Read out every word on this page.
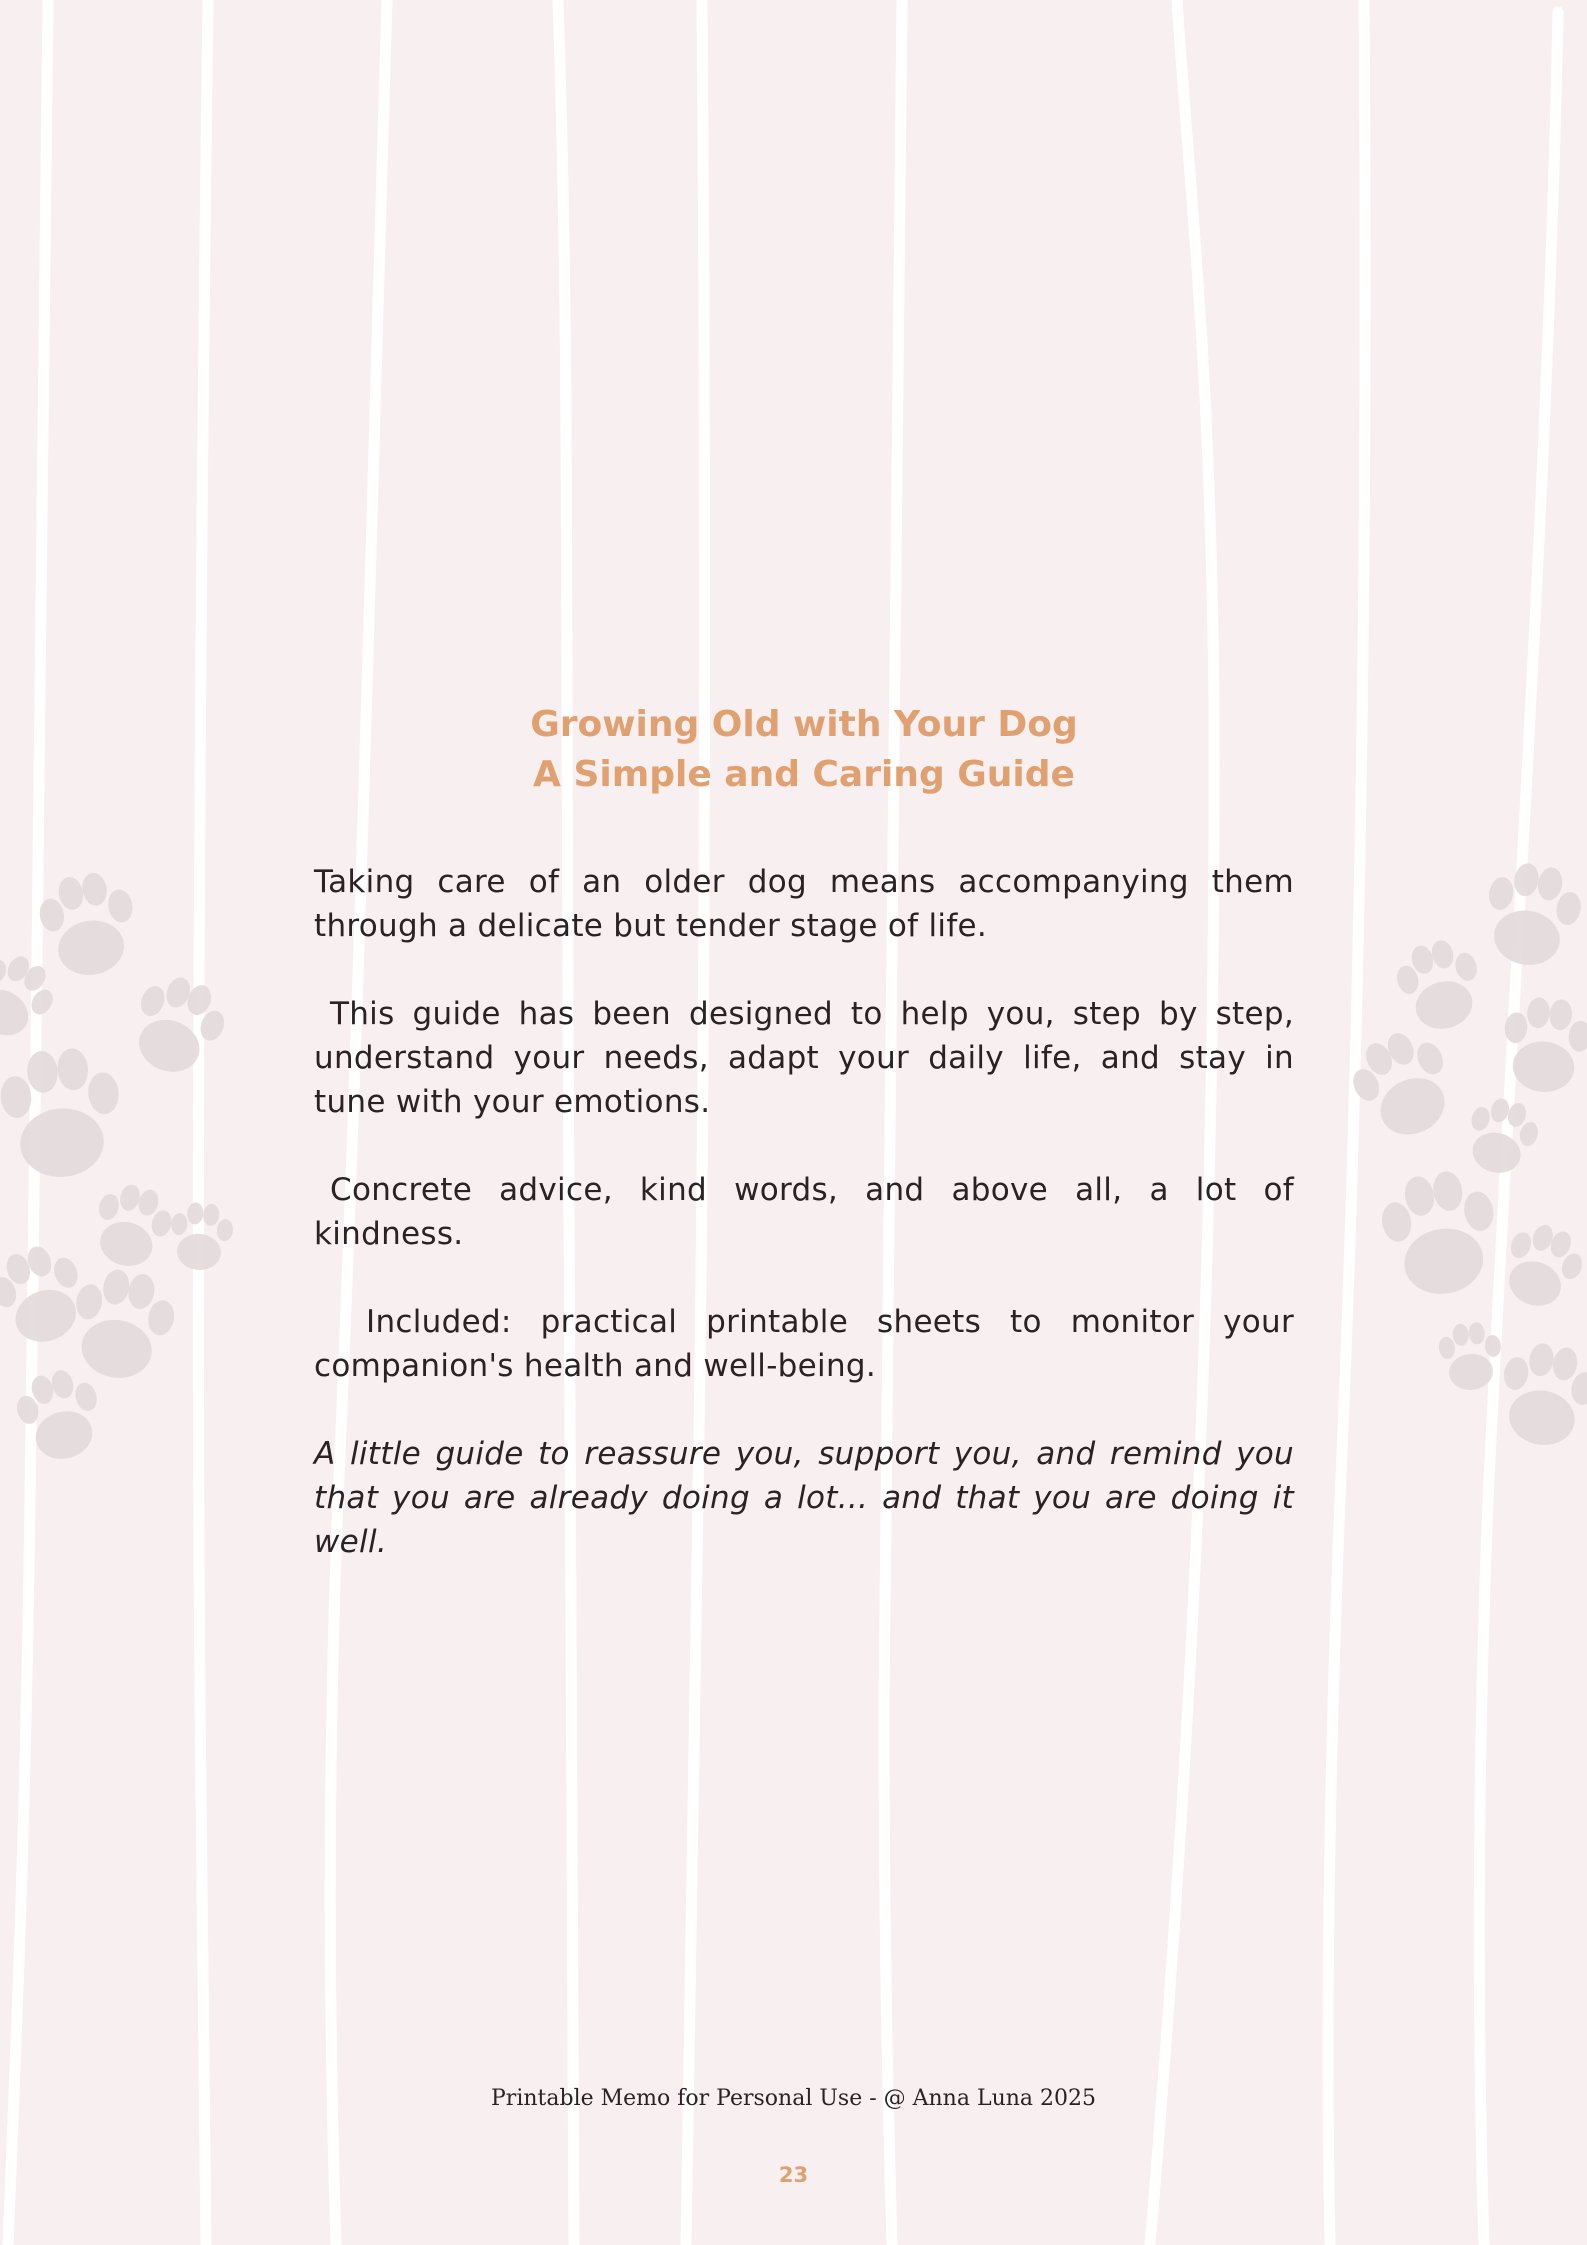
Growing Old with Your Dog
A Simple and Caring Guide

Taking care of an older dog means accompanying them through a delicate but tender stage of life.

This guide has been designed to help you, step by step, understand your needs, adapt your daily life, and stay in tune with your emotions.

Concrete advice, kind words, and above all, a lot of kindness.

Included: practical printable sheets to monitor your companion's health and well-being.

A little guide to reassure you, support you, and remind you that you are already doing a lot... and that you are doing it well.

Printable Memo for Personal Use - @ Anna Luna 2025
23
